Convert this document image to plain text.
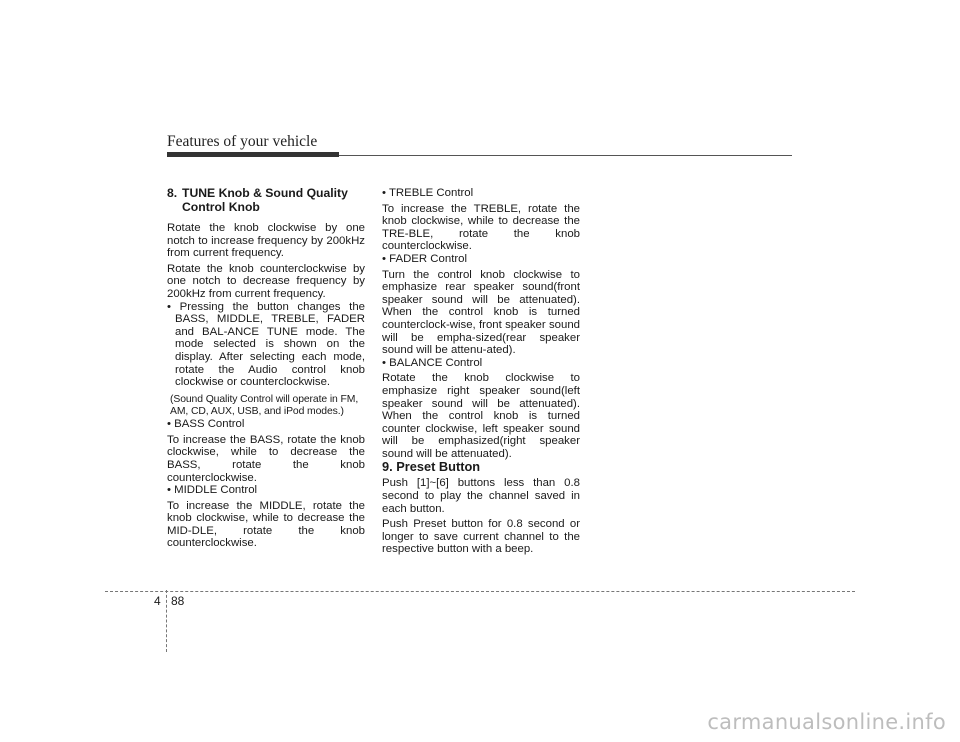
Features of your vehicle

8. TUNE Knob & Sound Quality Control Knob

Rotate the knob clockwise by one notch to increase frequency by 200kHz from current frequency.

Rotate the knob counterclockwise by one notch to decrease frequency by 200kHz from current frequency.

• Pressing the button changes the BASS, MIDDLE, TREBLE, FADER and BAL-ANCE TUNE mode. The mode selected is shown on the display. After selecting each mode, rotate the Audio control knob clockwise or counterclockwise.

(Sound Quality Control will operate in FM, AM, CD, AUX, USB, and iPod modes.)

• BASS Control

To increase the BASS, rotate the knob clockwise, while to decrease the BASS, rotate the knob counterclockwise.

• MIDDLE Control

To increase the MIDDLE, rotate the knob clockwise, while to decrease the MID-DLE, rotate the knob counterclockwise.

• TREBLE Control

To increase the TREBLE, rotate the knob clockwise, while to decrease the TRE-BLE, rotate the knob counterclockwise.

• FADER Control

Turn the control knob clockwise to emphasize rear speaker sound(front speaker sound will be attenuated). When the control knob is turned counterclock-wise, front speaker sound will be empha-sized(rear speaker sound will be attenu-ated).

• BALANCE Control

Rotate the knob clockwise to emphasize right speaker sound(left speaker sound will be attenuated). When the control knob is turned counter clockwise, left speaker sound will be emphasized(right speaker sound will be attenuated).

9. Preset Button

Push [1]~[6] buttons less than 0.8 second to play the channel saved in each button.

Push Preset button for 0.8 second or longer to save current channel to the respective button with a beep.

4 88
carmanualsonline.info
